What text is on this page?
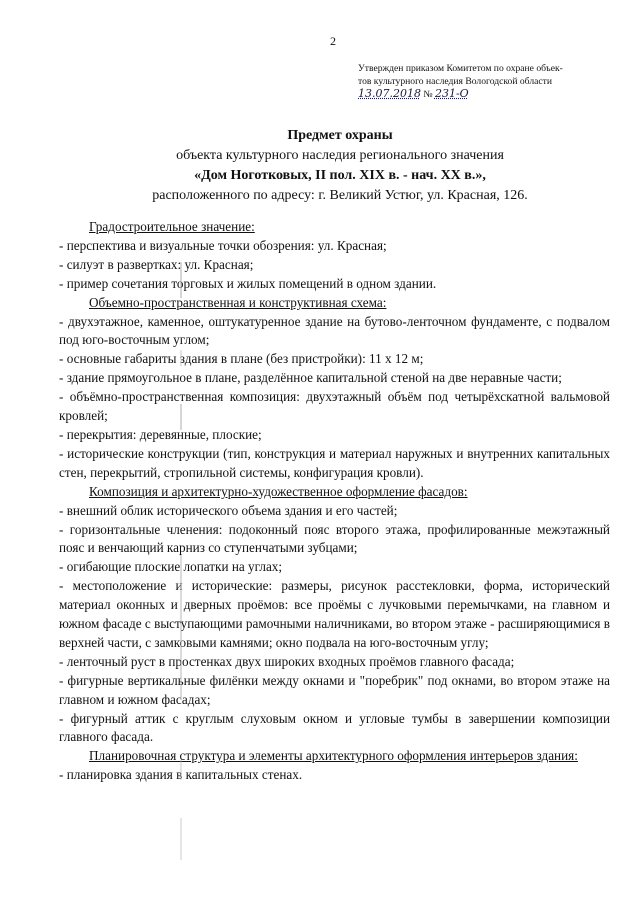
2
Утвержден приказом Комитетом по охране объек-
тов культурного наследия Вологодской области
13.07.2018 № 231-О
Предмет охраны
объекта культурного наследия регионального значения
«Дом Ноготковых, II пол. XIX в. - нач. XX в.»,
расположенного по адресу: г. Великий Устюг, ул. Красная, 126.

Градостроительное значение:

- перспектива и визуальные точки обозрения: ул. Красная;

- силуэт в развертках: ул. Красная;

- пример сочетания торговых и жилых помещений в одном здании.

Объемно-пространственная и конструктивная схема:

- двухэтажное, каменное, оштукатуренное здание на бутово-ленточном фундаменте, с подвалом под юго-восточным углом;

- основные габариты здания в плане (без пристройки): 11 х 12 м;

- здание прямоугольное в плане, разделённое капитальной стеной на две неравные части;

- объёмно-пространственная композиция: двухэтажный объём под четырёхскатной вальмовой кровлей;

- перекрытия: деревянные, плоские;

- исторические конструкции (тип, конструкция и материал наружных и внутренних капитальных стен, перекрытий, стропильной системы, конфигурация кровли).

Композиция и архитектурно-художественное оформление фасадов:

- внешний облик исторического объема здания и его частей;

- горизонтальные членения: подоконный пояс второго этажа, профилированные межэтажный пояс и венчающий карниз со ступенчатыми зубцами;

- огибающие плоские лопатки на углах;

- местоположение и исторические: размеры, рисунок расстекловки, форма, исторический материал оконных и дверных проёмов: все проёмы с лучковыми перемычками, на главном и южном фасаде с выступающими рамочными наличниками, во втором этаже - расширяющимися в верхней части, с замковыми камнями; окно подвала на юго-восточным углу;

- ленточный руст в простенках двух широких входных проёмов главного фасада;

- фигурные вертикальные филёнки между окнами и "поребрик" под окнами, во втором этаже на главном и южном фасадах;

- фигурный аттик с круглым слуховым окном и угловые тумбы в завершении композиции главного фасада.

Планировочная структура и элементы архитектурного оформления интерьеров здания:

- планировка здания в капитальных стенах.
